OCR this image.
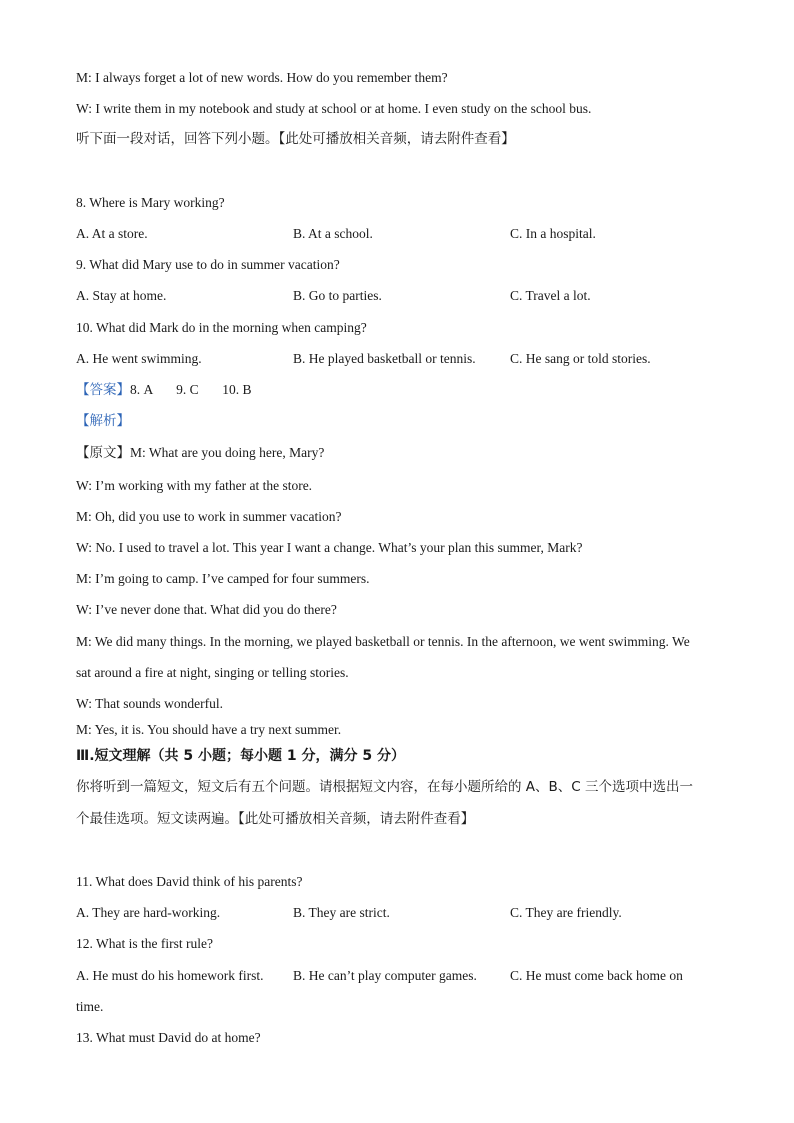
M: I always forget a lot of new words. How do you remember them?
W: I write them in my notebook and study at school or at home. I even study on the school bus.
听下面一段对话，回答下列小题。【此处可播放相关音频，请去附件查看】
8. Where is Mary working?
A. At a store.	B. At a school.	C. In a hospital.
9. What did Mary use to do in summer vacation?
A. Stay at home.	B. Go to parties.	C. Travel a lot.
10. What did Mark do in the morning when camping?
A. He went swimming.	B. He played basketball or tennis.	C. He sang or told stories.
【答案】8. A       9. C       10. B
【解析】
【原文】M: What are you doing here, Mary?
W: I’m working with my father at the store.
M: Oh, did you use to work in summer vacation?
W: No. I used to travel a lot. This year I want a change. What’s your plan this summer, Mark?
M: I’m going to camp. I’ve camped for four summers.
W: I’ve never done that. What did you do there?
M: We did many things. In the morning, we played basketball or tennis. In the afternoon, we went swimming. We
sat around a fire at night, singing or telling stories.
W: That sounds wonderful.
M: Yes, it is. You should have a try next summer.
Ⅲ.短文理解（共 5 小题；每小题 1 分，满分 5 分）
你将听到一篇短文，短文后有五个问题。请根据短文内容，在每小题所给的 A、B、C 三个选项中选出一
个最佳选项。短文读两遍。【此处可播放相关音频，请去附件查看】
11. What does David think of his parents?
A. They are hard-working.	B. They are strict.	C. They are friendly.
12. What is the first rule?
A. He must do his homework first.	B. He can’t play computer games.	C. He must come back home on
time.
13. What must David do at home?
